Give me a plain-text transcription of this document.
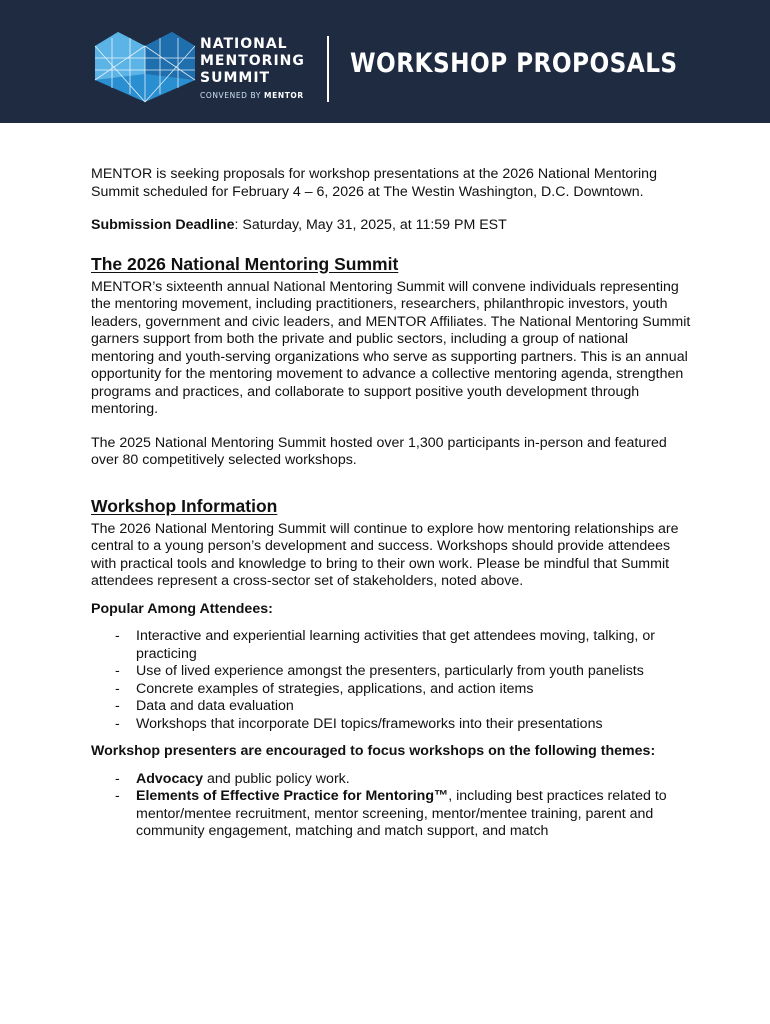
NATIONAL
MENTORING
SUMMIT
CONVENED BY MENTOR
WORKSHOP PROPOSALS

MENTOR is seeking proposals for workshop presentations at the 2026 National Mentoring Summit scheduled for February 4 – 6, 2026 at The Westin Washington, D.C. Downtown.

Submission Deadline: Saturday, May 31, 2025, at 11:59 PM EST

The 2026 National Mentoring Summit

MENTOR’s sixteenth annual National Mentoring Summit will convene individuals representing the mentoring movement, including practitioners, researchers, philanthropic investors, youth leaders, government and civic leaders, and MENTOR Affiliates. The National Mentoring Summit garners support from both the private and public sectors, including a group of national mentoring and youth-serving organizations who serve as supporting partners. This is an annual opportunity for the mentoring movement to advance a collective mentoring agenda, strengthen programs and practices, and collaborate to support positive youth development through mentoring.

The 2025 National Mentoring Summit hosted over 1,300 participants in-person and featured over 80 competitively selected workshops.

Workshop Information

The 2026 National Mentoring Summit will continue to explore how mentoring relationships are central to a young person’s development and success. Workshops should provide attendees with practical tools and knowledge to bring to their own work. Please be mindful that Summit attendees represent a cross-sector set of stakeholders, noted above.

Popular Among Attendees:

- Interactive and experiential learning activities that get attendees moving, talking, or practicing
- Use of lived experience amongst the presenters, particularly from youth panelists
- Concrete examples of strategies, applications, and action items
- Data and data evaluation
- Workshops that incorporate DEI topics/frameworks into their presentations

Workshop presenters are encouraged to focus workshops on the following themes:

- Advocacy and public policy work.
- Elements of Effective Practice for Mentoring™, including best practices related to mentor/mentee recruitment, mentor screening, mentor/mentee training, parent and community engagement, matching and match support, and match
